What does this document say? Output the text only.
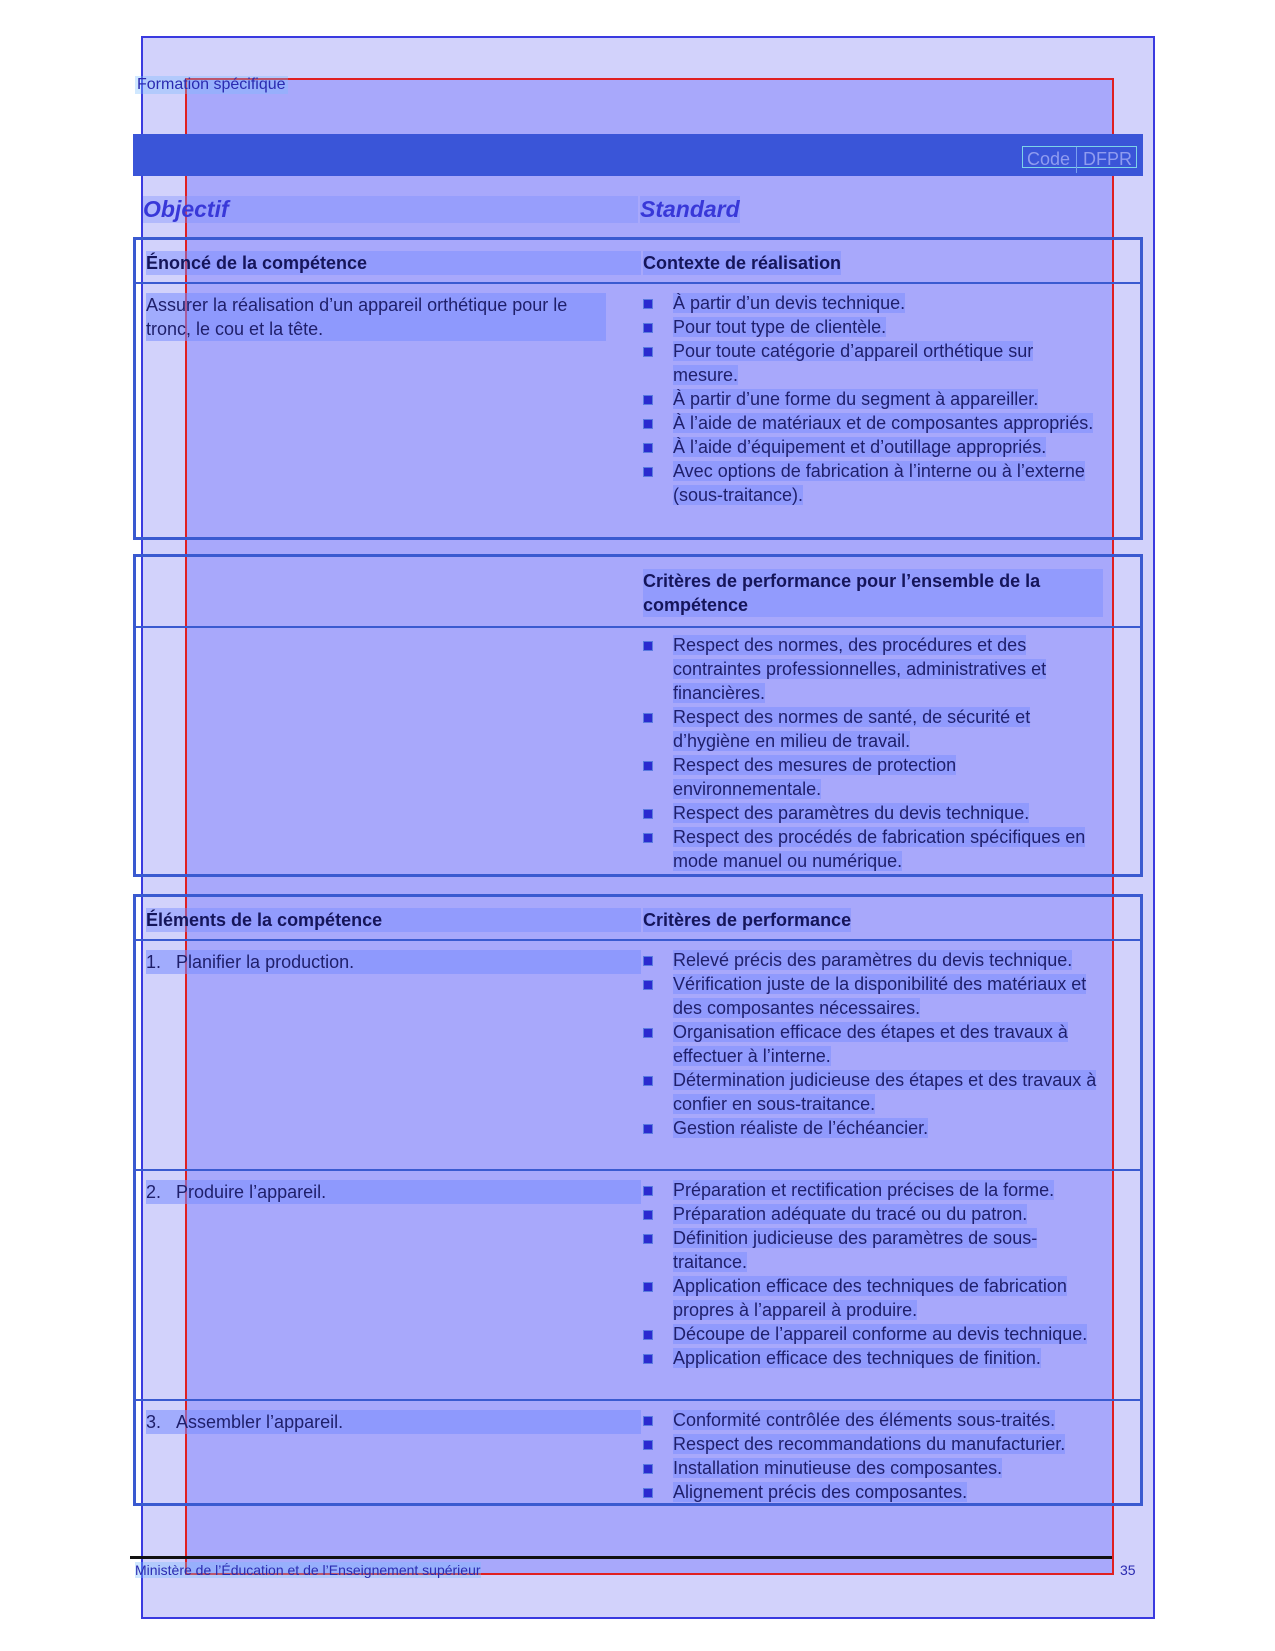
Formation spécifique
Code DFPR
Objectif	Standard
Énoncé de la compétence	Contexte de réalisation
Assurer la réalisation d’un appareil orthétique pour le tronc, le cou et la tête.
À partir d’un devis technique.
Pour tout type de clientèle.
Pour toute catégorie d’appareil orthétique sur mesure.
À partir d’une forme du segment à appareiller.
À l’aide de matériaux et de composantes appropriés.
À l’aide d’équipement et d’outillage appropriés.
Avec options de fabrication à l’interne ou à l’externe (sous-traitance).
Critères de performance pour l’ensemble de la compétence
Respect des normes, des procédures et des contraintes professionnelles, administratives et financières.
Respect des normes de santé, de sécurité et d’hygiène en milieu de travail.
Respect des mesures de protection environnementale.
Respect des paramètres du devis technique.
Respect des procédés de fabrication spécifiques en mode manuel ou numérique.
Éléments de la compétence	Critères de performance
1. Planifier la production.	Relevé précis des paramètres du devis technique.
Vérification juste de la disponibilité des matériaux et des composantes nécessaires.
Organisation efficace des étapes et des travaux à effectuer à l’interne.
Détermination judicieuse des étapes et des travaux à confier en sous-traitance.
Gestion réaliste de l’échéancier.
2. Produire l’appareil.	Préparation et rectification précises de la forme.
Préparation adéquate du tracé ou du patron.
Définition judicieuse des paramètres de sous-traitance.
Application efficace des techniques de fabrication propres à l’appareil à produire.
Découpe de l’appareil conforme au devis technique.
Application efficace des techniques de finition.
3. Assembler l’appareil.	Conformité contrôlée des éléments sous-traités.
Respect des recommandations du manufacturier.
Installation minutieuse des composantes.
Alignement précis des composantes.
Ministère de l’Éducation et de l’Enseignement supérieur	35
